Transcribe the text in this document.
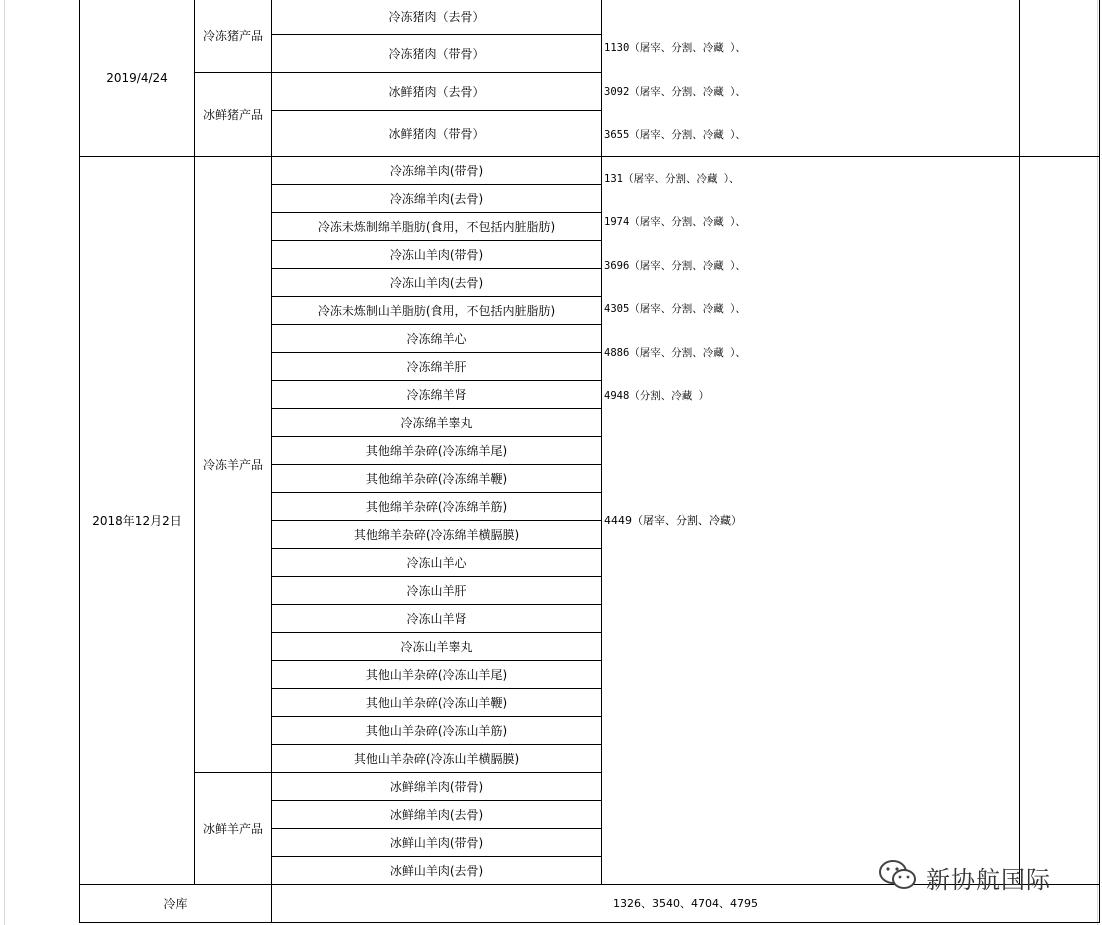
2019/4/24
冷冻猪产品
冰鲜猪产品
冷冻猪肉（去骨）
冷冻猪肉（带骨）
冰鲜猪肉（去骨）
冰鲜猪肉（带骨）

1130（屠宰、分割、冷藏 ）、

3092（屠宰、分割、冷藏 ）、

3655（屠宰、分割、冷藏 ）、

131（屠宰、分割、冷藏 ）、

1974（屠宰、分割、冷藏 ）、

3696（屠宰、分割、冷藏 ）、

4305（屠宰、分割、冷藏 ）、

4886（屠宰、分割、冷藏 ）、

4948（分割、冷藏 ）

2018年12月2日
冷冻羊产品
冰鲜羊产品
冷冻绵羊肉(带骨)
冷冻绵羊肉(去骨)
冷冻未炼制绵羊脂肪(食用，不包括内脏脂肪)
冷冻山羊肉(带骨)
冷冻山羊肉(去骨)
冷冻未炼制山羊脂肪(食用，不包括内脏脂肪)
冷冻绵羊心
冷冻绵羊肝
冷冻绵羊肾
冷冻绵羊睾丸
其他绵羊杂碎(冷冻绵羊尾)
其他绵羊杂碎(冷冻绵羊鞭)
其他绵羊杂碎(冷冻绵羊筋)
其他绵羊杂碎(冷冻绵羊横膈膜)
冷冻山羊心
冷冻山羊肝
冷冻山羊肾
冷冻山羊睾丸
其他山羊杂碎(冷冻山羊尾)
其他山羊杂碎(冷冻山羊鞭)
其他山羊杂碎(冷冻山羊筋)
其他山羊杂碎(冷冻山羊横膈膜)
冰鲜绵羊肉(带骨)
冰鲜绵羊肉(去骨)
冰鲜山羊肉(带骨)
冰鲜山羊肉(去骨)
4449（屠宰、分割、冷藏）
冷库	1326、3540、4704、4795
新协航国际
